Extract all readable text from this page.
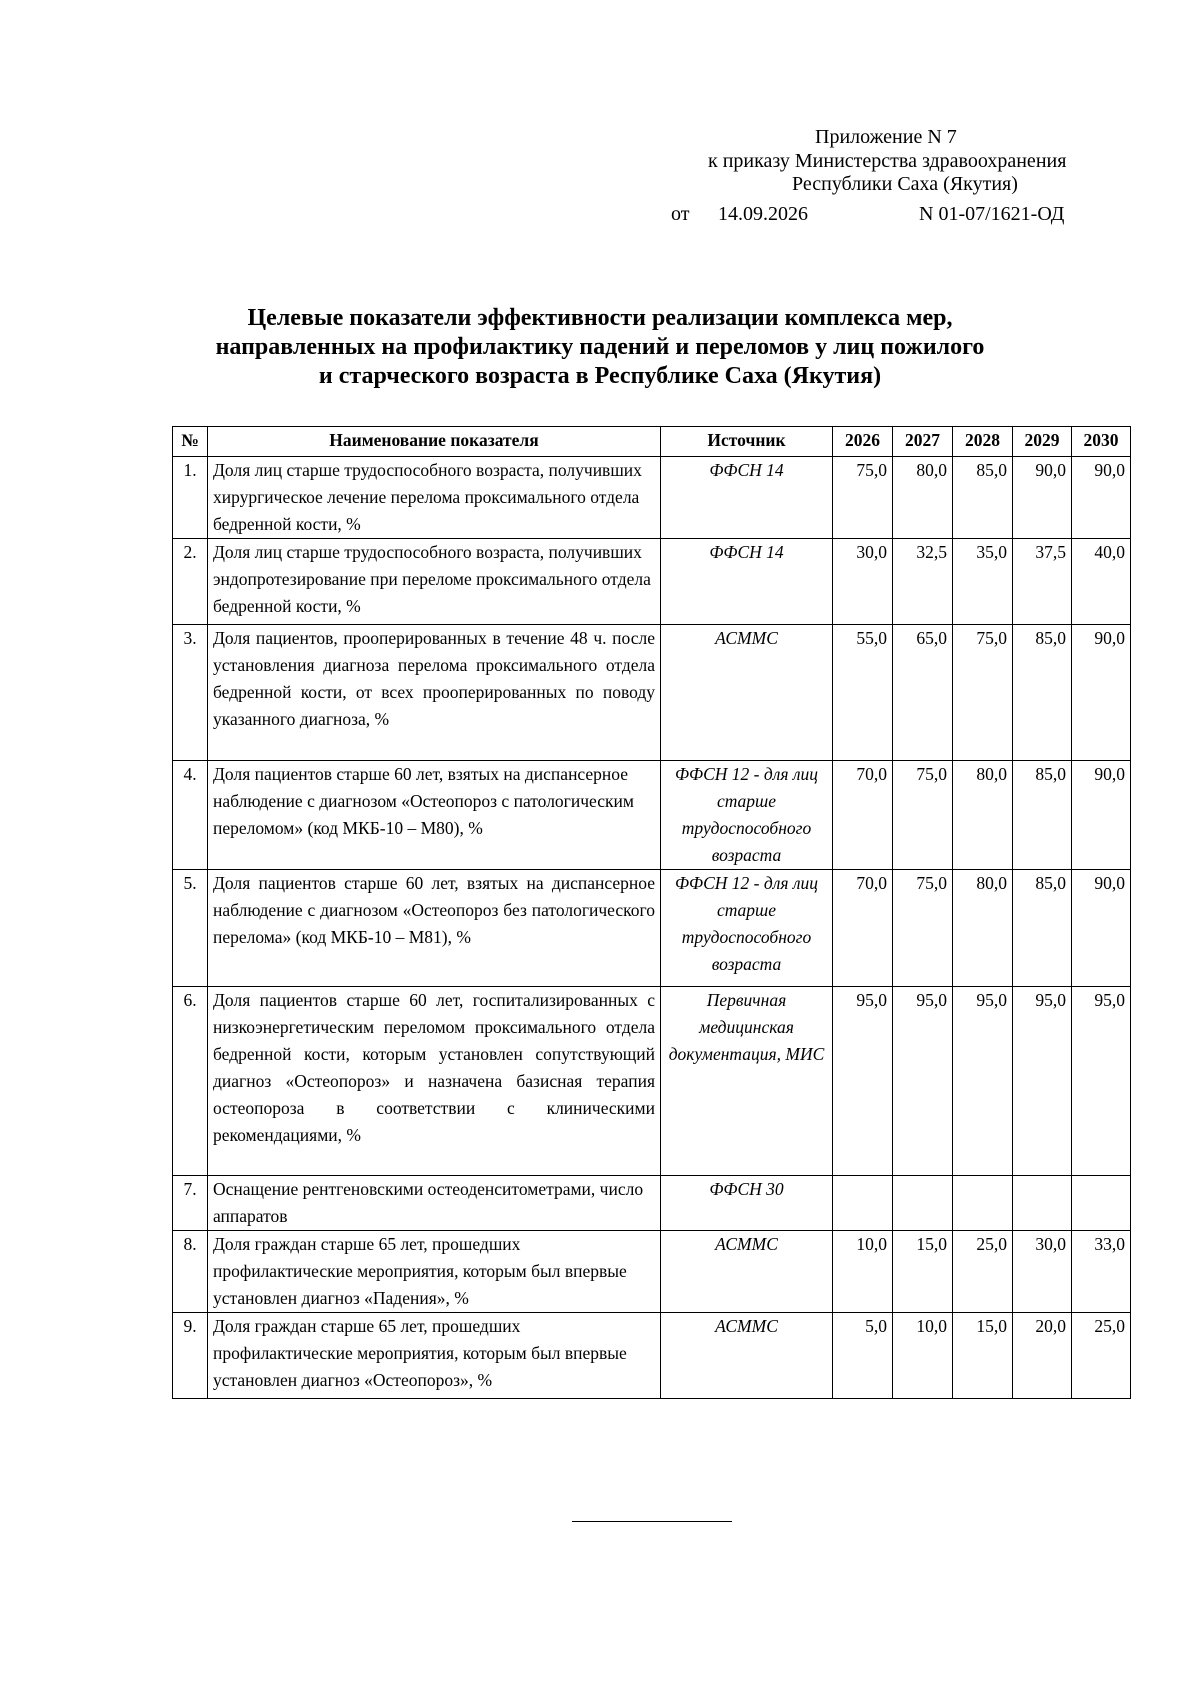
Приложение N 7
к приказу Министерства здравоохранения
Республики Саха (Якутия)
от 14.09.2026	N 01-07/1621-ОД
Целевые показатели эффективности реализации комплекса мер,
направленных на профилактику падений и переломов у лиц пожилого
и старческого возраста в Республике Саха (Якутия)
№	Наименование показателя	Источник	2026	2027	2028	2029	2030
1.	Доля лиц старше трудоспособного возраста, получивших хирургическое лечение перелома проксимального отдела бедренной кости, %	ФФСН 14	75,0	80,0	85,0	90,0	90,0
2.	Доля лиц старше трудоспособного возраста, получивших эндопротезирование при переломе проксимального отдела бедренной кости, %	ФФСН 14	30,0	32,5	35,0	37,5	40,0
3.	Доля пациентов, прооперированных в течение 48 ч. после установления диагноза перелома проксимального отдела бедренной кости, от всех прооперированных по поводу указанного диагноза, %	АСММС	55,0	65,0	75,0	85,0	90,0
4.	Доля пациентов старше 60 лет, взятых на диспансерное наблюдение с диагнозом «Остеопороз с патологическим переломом» (код МКБ-10 – M80), %	ФФСН 12 - для лиц старше трудоспособного возраста	70,0	75,0	80,0	85,0	90,0
5.	Доля пациентов старше 60 лет, взятых на диспансерное наблюдение с диагнозом «Остеопороз без патологического перелома» (код МКБ-10 – M81), %	ФФСН 12 - для лиц старше трудоспособного возраста	70,0	75,0	80,0	85,0	90,0
6.	Доля пациентов старше 60 лет, госпитализированных с низкоэнергетическим переломом проксимального отдела бедренной кости, которым установлен сопутствующий диагноз «Остеопороз» и назначена базисная терапия остеопороза в соответствии с клиническими рекомендациями, %	Первичная медицинская документация, МИС	95,0	95,0	95,0	95,0	95,0
7.	Оснащение рентгеновскими остеоденситометрами, число аппаратов	ФФСН 30					
8.	Доля граждан старше 65 лет, прошедших профилактические мероприятия, которым был впервые установлен диагноз «Падения», %	АСММС	10,0	15,0	25,0	30,0	33,0
9.	Доля граждан старше 65 лет, прошедших профилактические мероприятия, которым был впервые установлен диагноз «Остеопороз», %	АСММС	5,0	10,0	15,0	20,0	25,0
